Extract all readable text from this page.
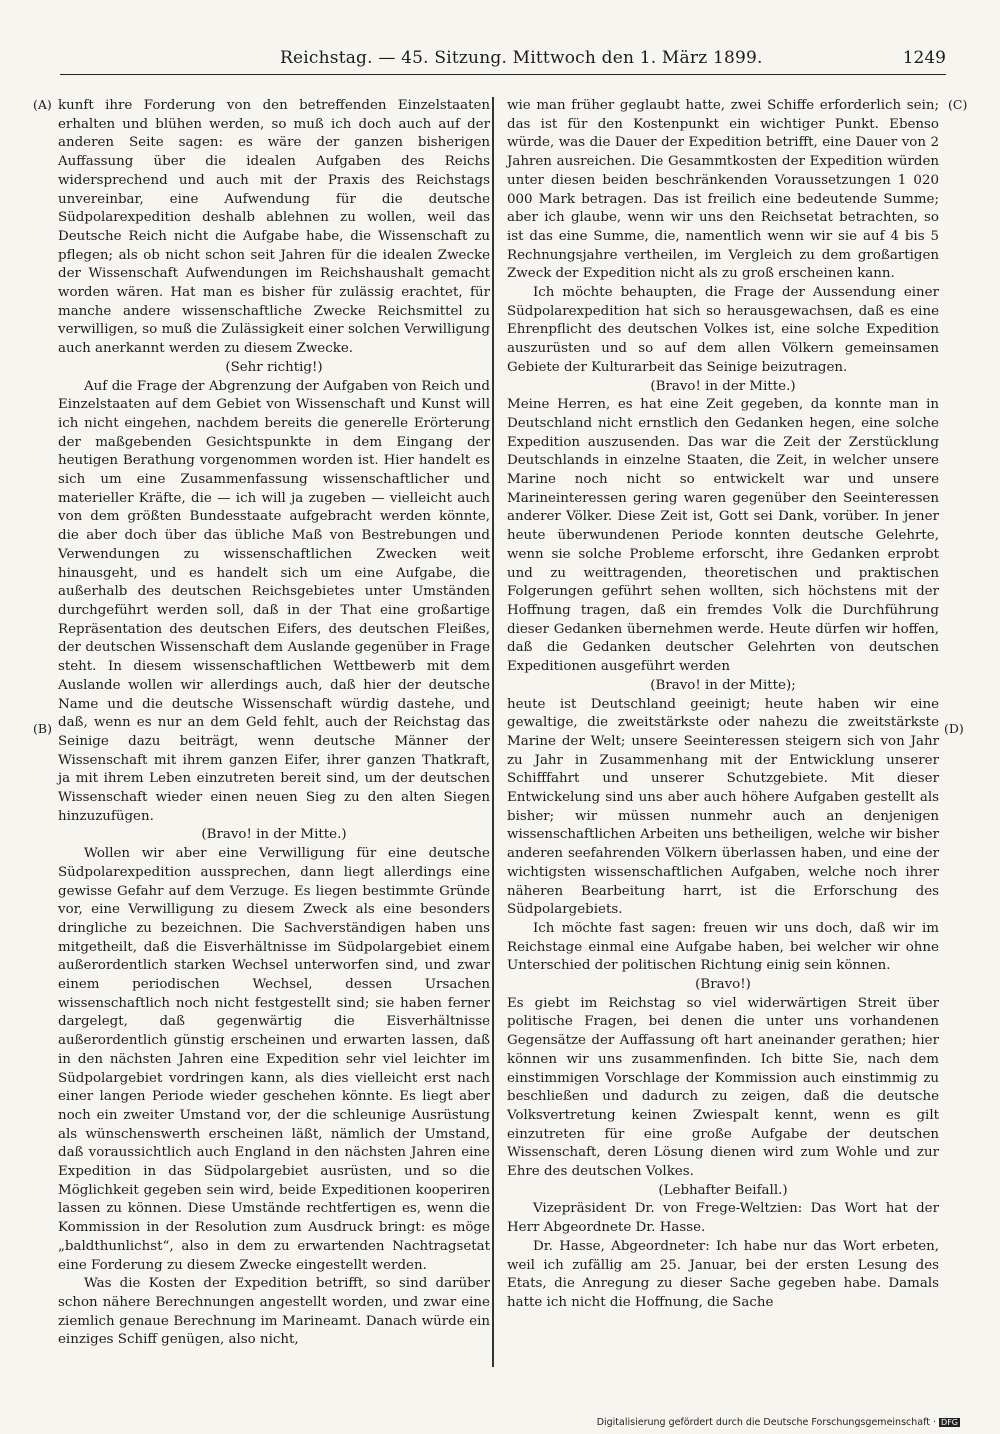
Reichstag. — 45. Sitzung. Mittwoch den 1. März 1899.	1249
(A)
(B)
(C)
(D)

kunft ihre Forderung von den betreffenden Einzelstaaten erhalten und blühen werden, so muß ich doch auch auf der anderen Seite sagen: es wäre der ganzen bisherigen Auffassung über die idealen Aufgaben des Reichs widersprechend und auch mit der Praxis des Reichstags unvereinbar, eine Aufwendung für die deutsche Südpolarexpedition deshalb ablehnen zu wollen, weil das Deutsche Reich nicht die Aufgabe habe, die Wissenschaft zu pflegen; als ob nicht schon seit Jahren für die idealen Zwecke der Wissenschaft Aufwendungen im Reichshaushalt gemacht worden wären. Hat man es bisher für zulässig erachtet, für manche andere wissenschaftliche Zwecke Reichsmittel zu verwilligen, so muß die Zulässigkeit einer solchen Verwilligung auch anerkannt werden zu diesem Zwecke.

(Sehr richtig!)

Auf die Frage der Abgrenzung der Aufgaben von Reich und Einzelstaaten auf dem Gebiet von Wissenschaft und Kunst will ich nicht eingehen, nachdem bereits die generelle Erörterung der maßgebenden Gesichtspunkte in dem Eingang der heutigen Berathung vorgenommen worden ist. Hier handelt es sich um eine Zusammenfassung wissenschaftlicher und materieller Kräfte, die — ich will ja zugeben — vielleicht auch von dem größten Bundesstaate aufgebracht werden könnte, die aber doch über das übliche Maß von Bestrebungen und Verwendungen zu wissenschaftlichen Zwecken weit hinausgeht, und es handelt sich um eine Aufgabe, die außerhalb des deutschen Reichsgebietes unter Umständen durchgeführt werden soll, daß in der That eine großartige Repräsentation des deutschen Eifers, des deutschen Fleißes, der deutschen Wissenschaft dem Auslande gegenüber in Frage steht. In diesem wissenschaftlichen Wettbewerb mit dem Auslande wollen wir allerdings auch, daß hier der deutsche Name und die deutsche Wissenschaft würdig dastehe, und daß, wenn es nur an dem Geld fehlt, auch der Reichstag das Seinige dazu beiträgt, wenn deutsche Männer der Wissenschaft mit ihrem ganzen Eifer, ihrer ganzen Thatkraft, ja mit ihrem Leben einzutreten bereit sind, um der deutschen Wissenschaft wieder einen neuen Sieg zu den alten Siegen hinzuzufügen.

(Bravo! in der Mitte.)

Wollen wir aber eine Verwilligung für eine deutsche Südpolarexpedition aussprechen, dann liegt allerdings eine gewisse Gefahr auf dem Verzuge. Es liegen bestimmte Gründe vor, eine Verwilligung zu diesem Zweck als eine besonders dringliche zu bezeichnen. Die Sachverständigen haben uns mitgetheilt, daß die Eisverhältnisse im Südpolargebiet einem außerordentlich starken Wechsel unterworfen sind, und zwar einem periodischen Wechsel, dessen Ursachen wissenschaftlich noch nicht festgestellt sind; sie haben ferner dargelegt, daß gegenwärtig die Eisverhältnisse außerordentlich günstig erscheinen und erwarten lassen, daß in den nächsten Jahren eine Expedition sehr viel leichter im Südpolargebiet vordringen kann, als dies vielleicht erst nach einer langen Periode wieder geschehen könnte. Es liegt aber noch ein zweiter Umstand vor, der die schleunige Ausrüstung als wünschenswerth erscheinen läßt, nämlich der Umstand, daß voraussichtlich auch England in den nächsten Jahren eine Expedition in das Südpolargebiet ausrüsten, und so die Möglichkeit gegeben sein wird, beide Expeditionen kooperiren lassen zu können. Diese Umstände rechtfertigen es, wenn die Kommission in der Resolution zum Ausdruck bringt: es möge „baldthunlichst“, also in dem zu erwartenden Nachtragsetat eine Forderung zu diesem Zwecke eingestellt werden.

Was die Kosten der Expedition betrifft, so sind darüber schon nähere Berechnungen angestellt worden, und zwar eine ziemlich genaue Berechnung im Marineamt. Danach würde ein einziges Schiff genügen, also nicht,

wie man früher geglaubt hatte, zwei Schiffe erforderlich sein; das ist für den Kostenpunkt ein wichtiger Punkt. Ebenso würde, was die Dauer der Expedition betrifft, eine Dauer von 2 Jahren ausreichen. Die Gesammtkosten der Expedition würden unter diesen beiden beschränkenden Voraussetzungen 1 020 000 Mark betragen. Das ist freilich eine bedeutende Summe; aber ich glaube, wenn wir uns den Reichsetat betrachten, so ist das eine Summe, die, namentlich wenn wir sie auf 4 bis 5 Rechnungsjahre vertheilen, im Vergleich zu dem großartigen Zweck der Expedition nicht als zu groß erscheinen kann.

Ich möchte behaupten, die Frage der Aussendung einer Südpolarexpedition hat sich so herausgewachsen, daß es eine Ehrenpflicht des deutschen Volkes ist, eine solche Expedition auszurüsten und so auf dem allen Völkern gemeinsamen Gebiete der Kulturarbeit das Seinige beizutragen.

(Bravo! in der Mitte.)

Meine Herren, es hat eine Zeit gegeben, da konnte man in Deutschland nicht ernstlich den Gedanken hegen, eine solche Expedition auszusenden. Das war die Zeit der Zerstücklung Deutschlands in einzelne Staaten, die Zeit, in welcher unsere Marine noch nicht so entwickelt war und unsere Marineinteressen gering waren gegenüber den Seeinteressen anderer Völker. Diese Zeit ist, Gott sei Dank, vorüber. In jener heute überwundenen Periode konnten deutsche Gelehrte, wenn sie solche Probleme erforscht, ihre Gedanken erprobt und zu weittragenden, theoretischen und praktischen Folgerungen geführt sehen wollten, sich höchstens mit der Hoffnung tragen, daß ein fremdes Volk die Durchführung dieser Gedanken übernehmen werde. Heute dürfen wir hoffen, daß die Gedanken deutscher Gelehrten von deutschen Expeditionen ausgeführt werden

(Bravo! in der Mitte);

heute ist Deutschland geeinigt; heute haben wir eine gewaltige, die zweitstärkste oder nahezu die zweitstärkste Marine der Welt; unsere Seeinteressen steigern sich von Jahr zu Jahr in Zusammenhang mit der Entwicklung unserer Schifffahrt und unserer Schutzgebiete. Mit dieser Entwickelung sind uns aber auch höhere Aufgaben gestellt als bisher; wir müssen nunmehr auch an denjenigen wissenschaftlichen Arbeiten uns betheiligen, welche wir bisher anderen seefahrenden Völkern überlassen haben, und eine der wichtigsten wissenschaftlichen Aufgaben, welche noch ihrer näheren Bearbeitung harrt, ist die Erforschung des Südpolargebiets.

Ich möchte fast sagen: freuen wir uns doch, daß wir im Reichstage einmal eine Aufgabe haben, bei welcher wir ohne Unterschied der politischen Richtung einig sein können.

(Bravo!)

Es giebt im Reichstag so viel widerwärtigen Streit über politische Fragen, bei denen die unter uns vorhandenen Gegensätze der Auffassung oft hart aneinander gerathen; hier können wir uns zusammenfinden. Ich bitte Sie, nach dem einstimmigen Vorschlage der Kommission auch einstimmig zu beschließen und dadurch zu zeigen, daß die deutsche Volksvertretung keinen Zwiespalt kennt, wenn es gilt einzutreten für eine große Aufgabe der deutschen Wissenschaft, deren Lösung dienen wird zum Wohle und zur Ehre des deutschen Volkes.

(Lebhafter Beifall.)

Vizepräsident Dr. von Frege-Weltzien: Das Wort hat der Herr Abgeordnete Dr. Hasse.

Dr. Hasse, Abgeordneter: Ich habe nur das Wort erbeten, weil ich zufällig am 25. Januar, bei der ersten Lesung des Etats, die Anregung zu dieser Sache gegeben habe. Damals hatte ich nicht die Hoffnung, die Sache

Digitalisierung gefördert durch die Deutsche Forschungsgemeinschaft · DFG
